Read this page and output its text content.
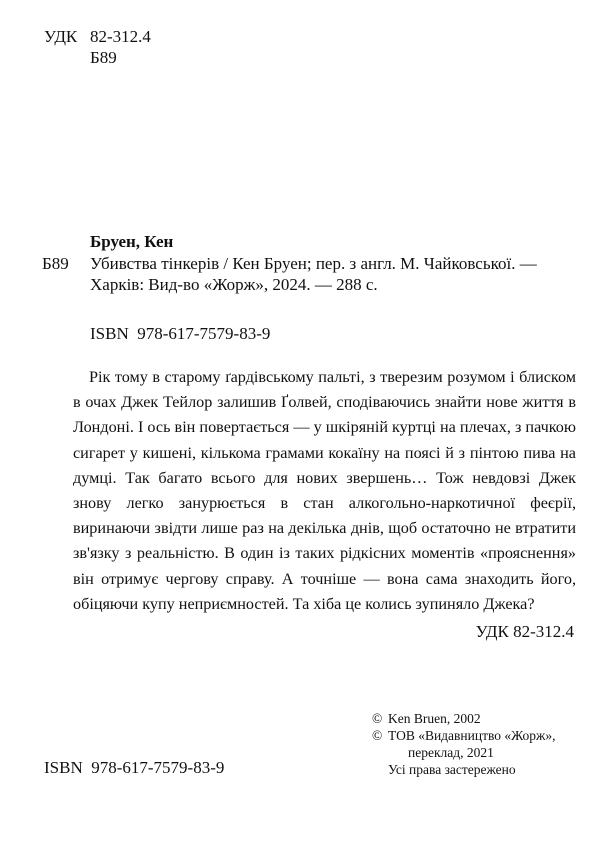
УДК 82-312.4
Б89
Бруен, Кен
Б89 Убивства тінкерів / Кен Бруен; пер. з англ. М. Чайковської. —
Харків: Вид-во «Жорж», 2024. — 288 с.
ISBN  978-617-7579-83-9

Рік тому в старому ґардівському пальті, з тверезим розумом і блиском в очах Джек Тейлор залишив Ґолвей, сподіваючись знайти нове життя в Лондоні. І ось він повертається — у шкіряній куртці на плечах, з пачкою сигарет у кишені, кількома грамами кокаїну на поясі й з пінтою пива на думці. Так багато всього для нових звершень… Тож невдовзі Джек знову легко занурюється в стан алкогольно-наркотичної феєрії, виринаючи звідти лише раз на декілька днів, щоб остаточно не втратити зв'язку з реальністю. В один із таких рідкісних моментів «прояснення» він отримує чергову справу. А точніше — вона сама знаходить його, обіцяючи купу неприємностей. Та хіба це колись зупиняло Джека?

УДК 82-312.4
© Ken Bruen, 2002
© ТОВ «Видавництво «Жорж»,
переклад, 2021
Усі права застережено
ISBN  978-617-7579-83-9
